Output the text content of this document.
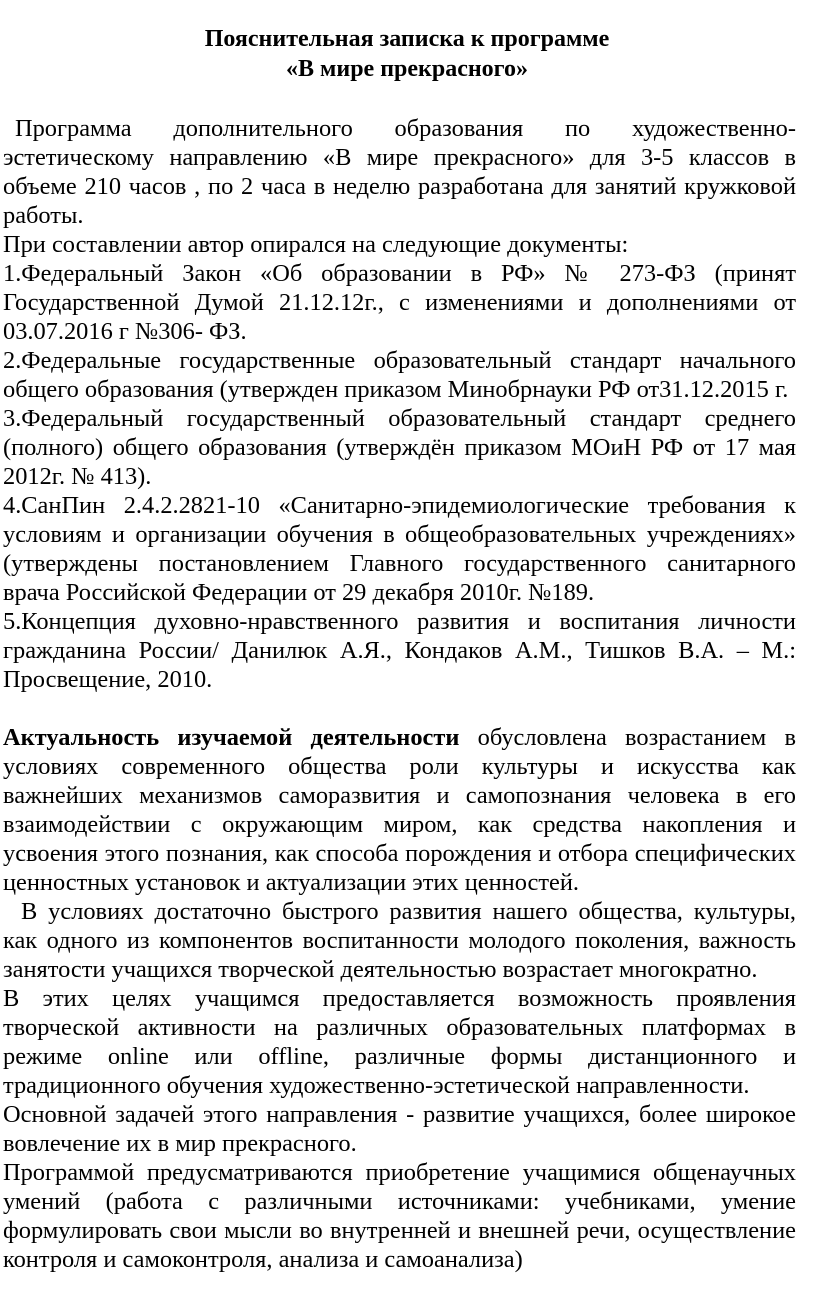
Пояснительная записка к программе
«В мире прекрасного»

Программа дополнительного образования по художественно-эстетическому направлению «В мире прекрасного» для 3-5 классов в объеме 210 часов , по 2 часа в неделю разработана для занятий кружковой работы.

При составлении автор опирался на следующие документы:

1.Федеральный Закон «Об образовании в РФ» № 273-ФЗ (принят Государственной Думой 21.12.12г., с изменениями и дополнениями от 03.07.2016 г №306- ФЗ.

2.Федеральные государственные образовательный стандарт начального общего образования (утвержден приказом Минобрнауки РФ от31.12.2015 г.

3.Федеральный государственный образовательный стандарт среднего (полного) общего образования (утверждён приказом МОиН РФ от 17 мая 2012г. № 413).

4.СанПин 2.4.2.2821-10 «Санитарно-эпидемиологические требования к условиям и организации обучения в общеобразовательных учреждениях» (утверждены постановлением Главного государственного санитарного врача Российской Федерации от 29 декабря 2010г. №189.

5.Концепция духовно-нравственного развития и воспитания личности гражданина России/ Данилюк А.Я., Кондаков А.М., Тишков В.А. – М.: Просвещение, 2010.

Актуальность изучаемой деятельности обусловлена возрастанием в условиях современного общества роли культуры и искусства как важнейших механизмов саморазвития и самопознания человека в его взаимодействии с окружающим миром, как средства накопления и усвоения этого познания, как способа порождения и отбора специфических ценностных установок и актуализации этих ценностей.

В условиях достаточно быстрого развития нашего общества, культуры, как одного из компонентов воспитанности молодого поколения, важность занятости учащихся творческой деятельностью возрастает многократно.

В этих целях учащимся предоставляется возможность проявления творческой активности на различных образовательных платформах в режиме online или offline, различные формы дистанционного и традиционного обучения художественно-эстетической направленности.

Основной задачей этого направления - развитие учащихся, более широкое вовлечение их в мир прекрасного.

Программой предусматриваются приобретение учащимися общенаучных умений (работа с различными источниками: учебниками, умение формулировать свои мысли во внутренней и внешней речи, осуществление контроля и самоконтроля, анализа и самоанализа)
